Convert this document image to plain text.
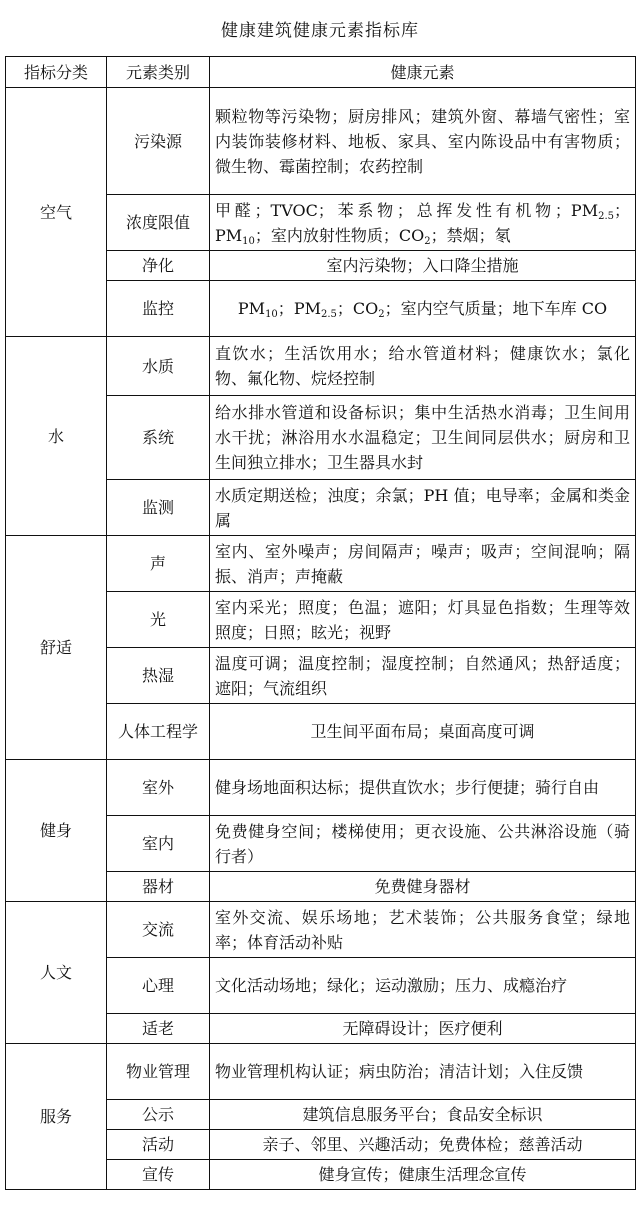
健康建筑健康元素指标库
指标分类	元素类别	健康元素
空气	污染源	颗粒物等污染物；厨房排风；建筑外窗、幕墙气密性；室内装饰装修材料、地板、家具、室内陈设品中有害物质；微生物、霉菌控制；农药控制
	浓度限值	甲醛；TVOC；苯系物；总挥发性有机物；$PM_{2.5}$；$PM_{10}$；室内放射性物质；$CO_2$；禁烟；氡
	净化	室内污染物；入口降尘措施
	监控	$PM_{10}$；$PM_{2.5}$；$CO_2$；室内空气质量；地下车库 CO
水	水质	直饮水；生活饮用水；给水管道材料；健康饮水；氯化物、氟化物、烷烃控制
	系统	给水排水管道和设备标识；集中生活热水消毒；卫生间用水干扰；淋浴用水水温稳定；卫生间同层供水；厨房和卫生间独立排水；卫生器具水封
	监测	水质定期送检；浊度；余氯；PH 值；电导率；金属和类金属
舒适	声	室内、室外噪声；房间隔声；噪声；吸声；空间混响；隔振、消声；声掩蔽
	光	室内采光；照度；色温；遮阳；灯具显色指数；生理等效照度；日照；眩光；视野
	热湿	温度可调；温度控制；湿度控制；自然通风；热舒适度；遮阳；气流组织
	人体工程学	卫生间平面布局；桌面高度可调
健身	室外	健身场地面积达标；提供直饮水；步行便捷；骑行自由
	室内	免费健身空间；楼梯使用；更衣设施、公共淋浴设施（骑行者）
	器材	免费健身器材
人文	交流	室外交流、娱乐场地；艺术装饰；公共服务食堂；绿地率；体育活动补贴
	心理	文化活动场地；绿化；运动激励；压力、成瘾治疗
	适老	无障碍设计；医疗便利
服务	物业管理	物业管理机构认证；病虫防治；清洁计划；入住反馈
	公示	建筑信息服务平台；食品安全标识
	活动	亲子、邻里、兴趣活动；免费体检；慈善活动
	宣传	健身宣传；健康生活理念宣传
